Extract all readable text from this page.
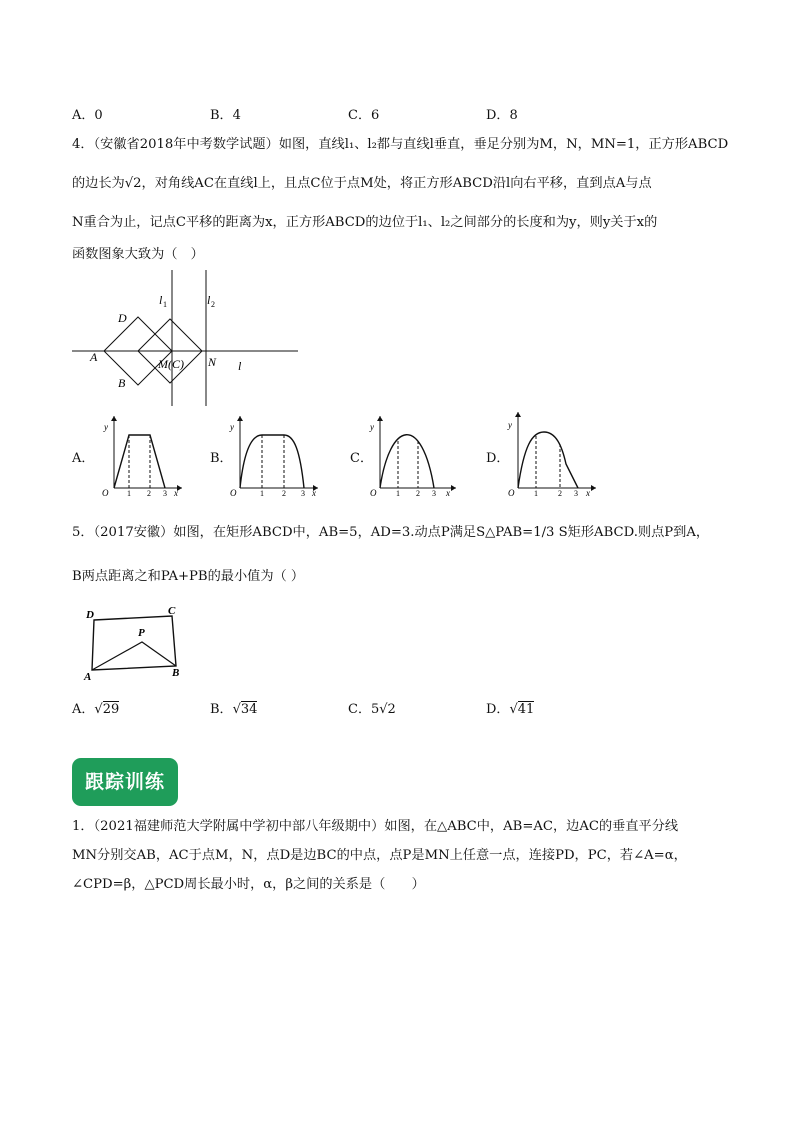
A．0	B．4	C．6	D．8
4．（安徽省2018年中考数学试题）如图，直线l₁、l₂都与直线l垂直，垂足分别为M，N，MN=1，正方形ABCD
的边长为√2，对角线AC在直线l上，且点C位于点M处，将正方形ABCD沿l向右平移，直到点A与点
N重合为止，记点C平移的距离为x，正方形ABCD的边位于l₁、l₂之间部分的长度和为y，则y关于x的
函数图象大致为（　）
D
A
B
M(C) N l
l 1	l 2
A．	B．	C．	D．
y
O 1 2 3 x
y
O	1 2 3 x
y
O 1 2 3 x
y
O 1	2 3 x
5．（2017安徽）如图，在矩形ABCD中，AB=5，AD=3.动点P满足S△PAB=1/3 S矩形ABCD.则点P到A，
B两点距离之和PA+PB的最小值为（ ）
D	C
P
A	B
A．√29	B．√34	C．5√2	D．√41
跟踪训练
1．（2021福建师范大学附属中学初中部八年级期中）如图，在△ABC中，AB=AC，边AC的垂直平分线
MN分别交AB，AC于点M，N，点D是边BC的中点，点P是MN上任意一点，连接PD，PC，若∠A=α，
∠CPD=β，△PCD周长最小时，α，β之间的关系是（　　）
